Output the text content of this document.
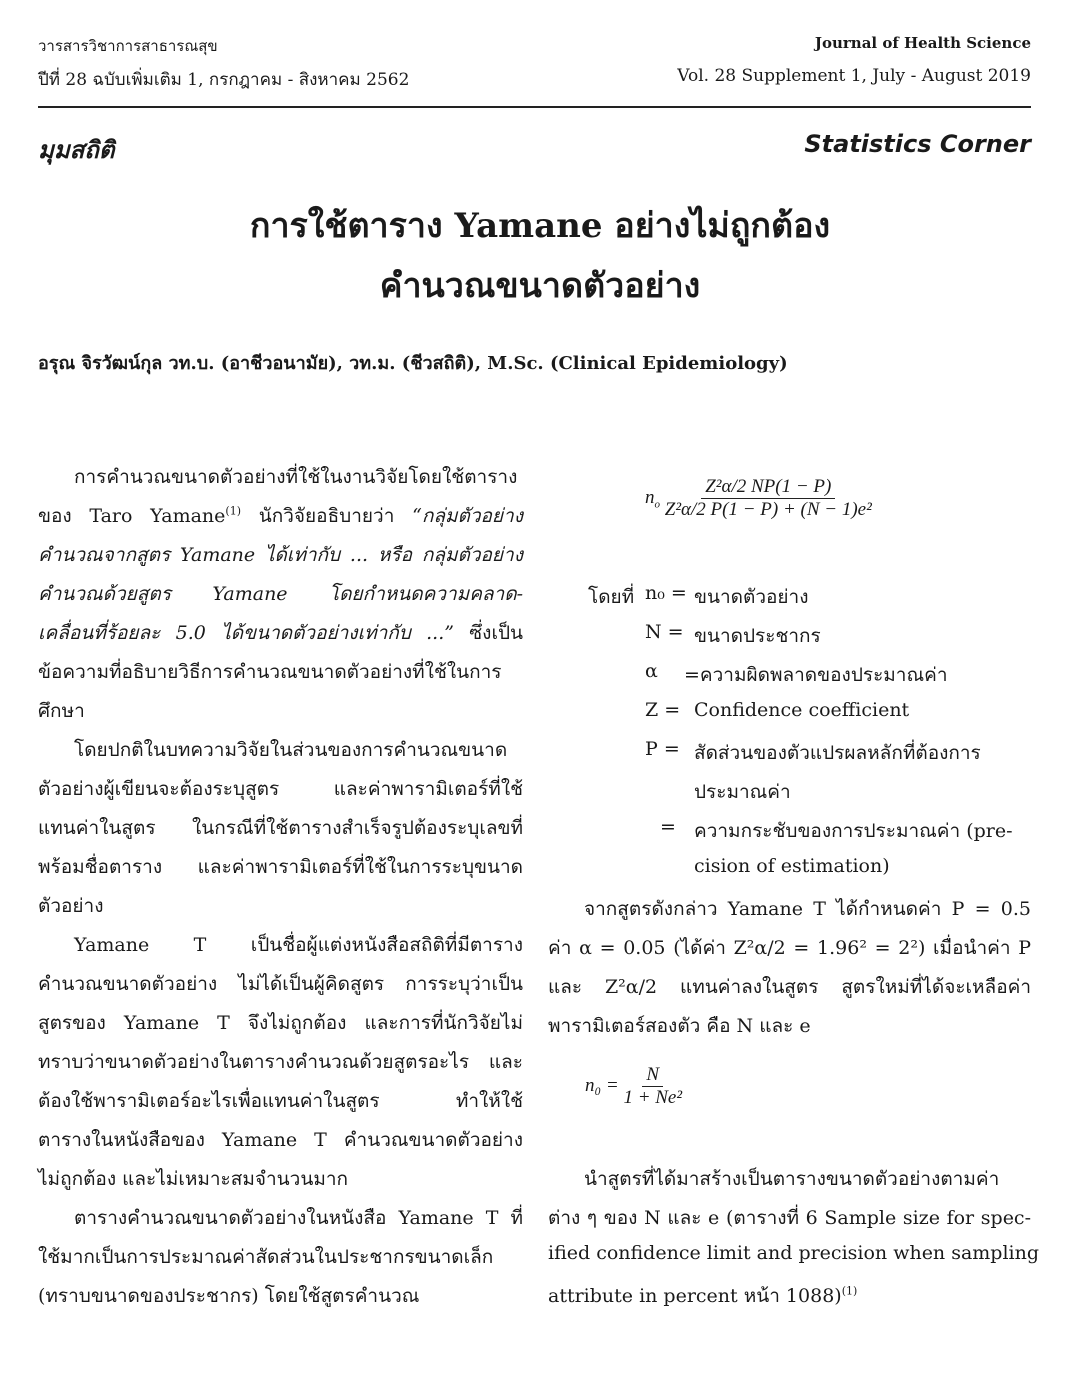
วารสารวิชาการสาธารณสุข	Journal of Health Science
ปีที่ 28 ฉบับเพิ่มเติม 1, กรกฎาคม - สิงหาคม 2562	Vol. 28 Supplement 1, July - August 2019
มุมสถิติ	Statistics Corner
การใช้ตาราง Yamane อย่างไม่ถูกต้อง
คำนวณขนาดตัวอย่าง
อรุณ จิรวัฒน์กุล วท.บ. (อาชีวอนามัย), วท.ม. (ชีวสถิติ), M.Sc. (Clinical Epidemiology)
การคำนวณขนาดตัวอย่างที่ใช้ในงานวิจัยโดยใช้ตาราง
ของ Taro Yamane$^{(1)}$ นักวิจัยอธิบายว่า “กลุ่มตัวอย่าง
คำนวณจากสูตร Yamane ได้เท่ากับ ... หรือ กลุ่มตัวอย่าง
คำนวณด้วยสูตร Yamane โดยกำหนดความคลาด-
เคลื่อนที่ร้อยละ 5.0 ได้ขนาดตัวอย่างเท่ากับ ...” ซึ่งเป็น
ข้อความที่อธิบายวิธีการคำนวณขนาดตัวอย่างที่ใช้ในการ
ศึกษา
โดยปกติในบทความวิจัยในส่วนของการคำนวณขนาด
ตัวอย่างผู้เขียนจะต้องระบุสูตร และค่าพารามิเตอร์ที่ใช้
แทนค่าในสูตร ในกรณีที่ใช้ตารางสำเร็จรูปต้องระบุเลขที่
พร้อมชื่อตาราง และค่าพารามิเตอร์ที่ใช้ในการระบุขนาด
ตัวอย่าง
Yamane T เป็นชื่อผู้แต่งหนังสือสถิติที่มีตาราง
คำนวณขนาดตัวอย่าง ไม่ได้เป็นผู้คิดสูตร การระบุว่าเป็น
สูตรของ Yamane T จึงไม่ถูกต้อง และการที่นักวิจัยไม่
ทราบว่าขนาดตัวอย่างในตารางคำนวณด้วยสูตรอะไร และ
ต้องใช้พารามิเตอร์อะไรเพื่อแทนค่าในสูตร ทำให้ใช้
ตารางในหนังสือของ Yamane T คำนวณขนาดตัวอย่าง
ไม่ถูกต้อง และไม่เหมาะสมจำนวนมาก
ตารางคำนวณขนาดตัวอย่างในหนังสือ Yamane T ที่
ใช้มากเป็นการประมาณค่าสัดส่วนในประชากรขนาดเล็ก
(ทราบขนาดของประชากร) โดยใช้สูตรคำนวณ
$n_o \frac{\text{Z²α/2 NP(1 − P)}}{\text{Z²α/2 P(1 − P) + (N − 1)e²}}$
โดยที่ n₀ = ขนาดตัวอย่าง
N = ขนาดประชากร
α =ความผิดพลาดของประมาณค่า
Z = Confidence coefficient
P = สัดส่วนของตัวแปรผลหลักที่ต้องการ
ประมาณค่า
= ความกระชับของการประมาณค่า (pre-
cision of estimation)
จากสูตรดังกล่าว Yamane T ได้กำหนดค่า P = 0.5
ค่า α = 0.05 (ได้ค่า Z²α/2 = 1.96² = 2²) เมื่อนำค่า P
และ Z²α/2 แทนค่าลงในสูตร สูตรใหม่ที่ได้จะเหลือค่า
พารามิเตอร์สองตัว คือ N และ e
$n_0 = \frac{N}{\text{1 + Ne²}}$
นำสูตรที่ได้มาสร้างเป็นตารางขนาดตัวอย่างตามค่า
ต่าง ๆ ของ N และ e (ตารางที่ 6 Sample size for spec-
ified confidence limit and precision when sampling
attribute in percent หน้า 1088)$^{(1)}$
